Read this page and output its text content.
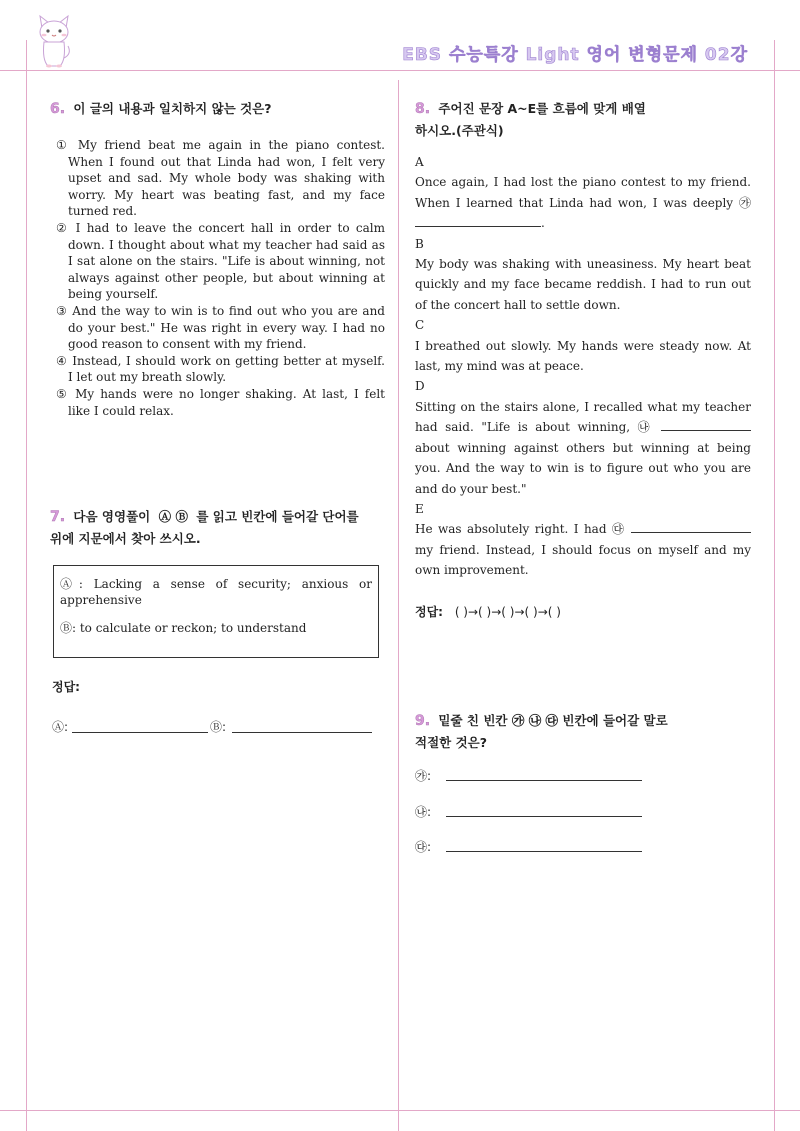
EBS 수능특강 Light 영어 변형문제 02강
6. 이 글의 내용과 일치하지 않는 것은?
① My friend beat me again in the piano contest. When I found out that Linda had won, I felt very upset and sad. My whole body was shaking with worry. My heart was beating fast, and my face turned red.
② I had to leave the concert hall in order to calm down. I thought about what my teacher had said as I sat alone on the stairs. "Life is about winning, not always against other people, but about winning at being yourself.
③ And the way to win is to find out who you are and do your best." He was right in every way. I had no good reason to consent with my friend.
④ Instead, I should work on getting better at myself. I let out my breath slowly.
⑤ My hands were no longer shaking. At last, I felt like I could relax.
7. 다음 영영풀이 Ⓐ Ⓑ 를 읽고 빈칸에 들어갈 단어를
위에 지문에서 찾아 쓰시오.

Ⓐ: Lacking a sense of security; anxious or apprehensive

Ⓑ: to calculate or reckon; to understand

정답:
Ⓐ:	Ⓑ:
8. 주어진 문장 A~E를 흐름에 맞게 배열
하시오.(주관식)

A

Once again, I had lost the piano contest to my friend. When I learned that Linda had won, I was deeply ㉮ .

B

My body was shaking with uneasiness. My heart beat quickly and my face became reddish. I had to run out of the concert hall to settle down.

C

I breathed out slowly. My hands were steady now. At last, my mind was at peace.

D

Sitting on the stairs alone, I recalled what my teacher had said. "Life is about winning, ㉯  about winning against others but winning at being you. And the way to win is to figure out who you are and do your best."

E

He was absolutely right. I had ㉰  my friend. Instead, I should focus on myself and my own improvement.

정답: ( )→( )→( )→( )→( )
9. 밑줄 친 빈칸 ㉮ ㉯ ㉰ 빈칸에 들어갈 말로
적절한 것은?
㉮:
㉯:
㉰:
